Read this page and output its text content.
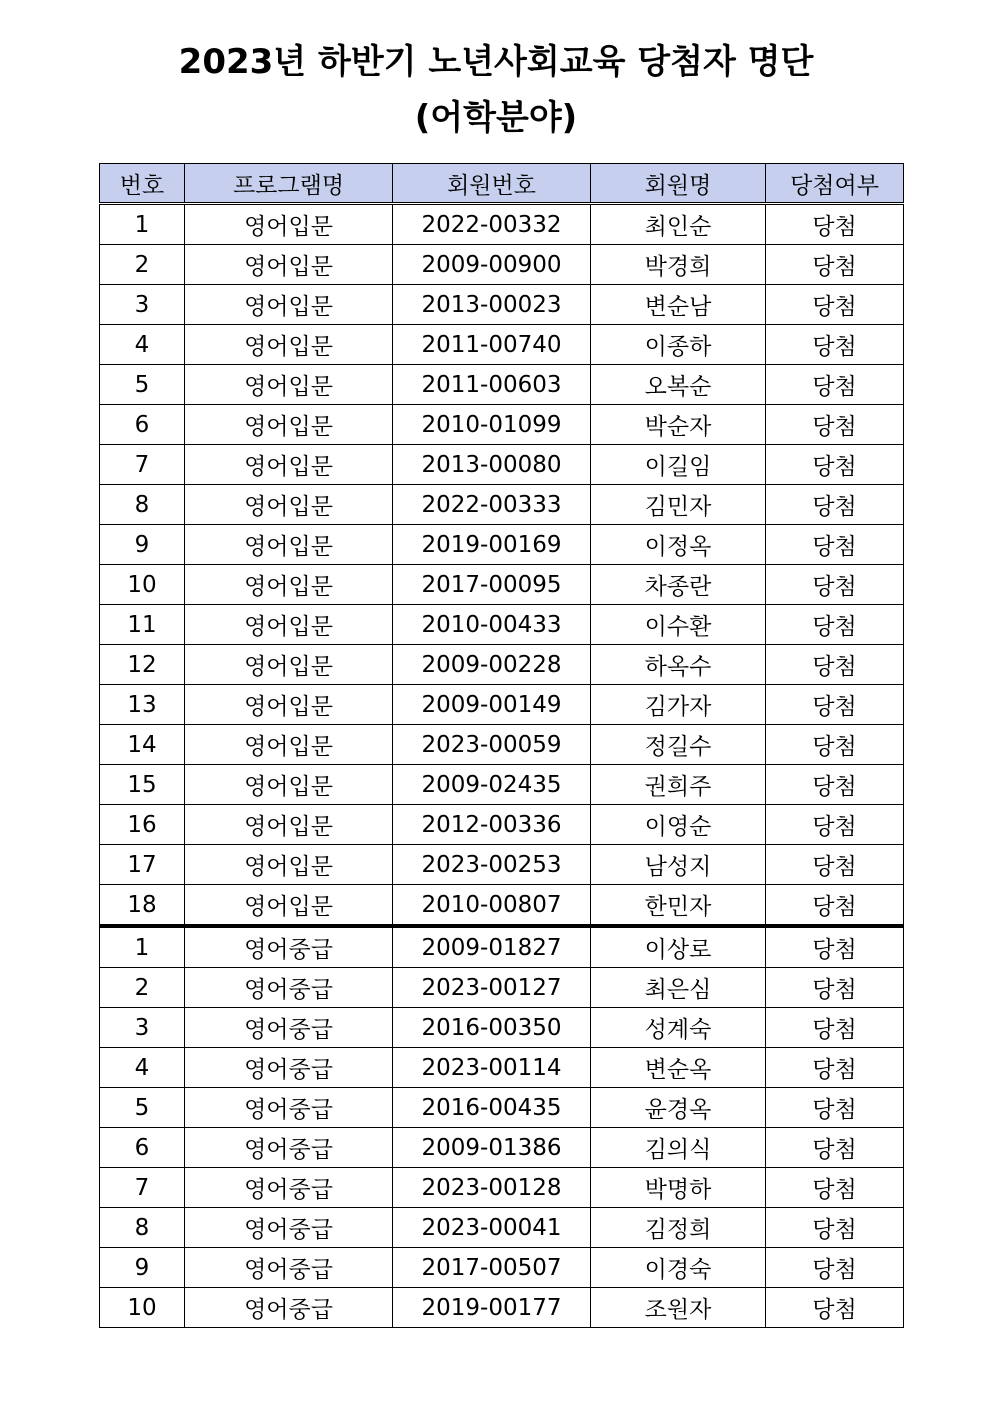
2023년 하반기 노년사회교육 당첨자 명단
(어학분야)
번호	프로그램명	회원번호	회원명	당첨여부
1	영어입문	2022-00332	최인순	당첨
2	영어입문	2009-00900	박경희	당첨
3	영어입문	2013-00023	변순남	당첨
4	영어입문	2011-00740	이종하	당첨
5	영어입문	2011-00603	오복순	당첨
6	영어입문	2010-01099	박순자	당첨
7	영어입문	2013-00080	이길임	당첨
8	영어입문	2022-00333	김민자	당첨
9	영어입문	2019-00169	이정옥	당첨
10	영어입문	2017-00095	차종란	당첨
11	영어입문	2010-00433	이수환	당첨
12	영어입문	2009-00228	하옥수	당첨
13	영어입문	2009-00149	김가자	당첨
14	영어입문	2023-00059	정길수	당첨
15	영어입문	2009-02435	권희주	당첨
16	영어입문	2012-00336	이영순	당첨
17	영어입문	2023-00253	남성지	당첨
18	영어입문	2010-00807	한민자	당첨
1	영어중급	2009-01827	이상로	당첨
2	영어중급	2023-00127	최은심	당첨
3	영어중급	2016-00350	성계숙	당첨
4	영어중급	2023-00114	변순옥	당첨
5	영어중급	2016-00435	윤경옥	당첨
6	영어중급	2009-01386	김의식	당첨
7	영어중급	2023-00128	박명하	당첨
8	영어중급	2023-00041	김정희	당첨
9	영어중급	2017-00507	이경숙	당첨
10	영어중급	2019-00177	조원자	당첨
